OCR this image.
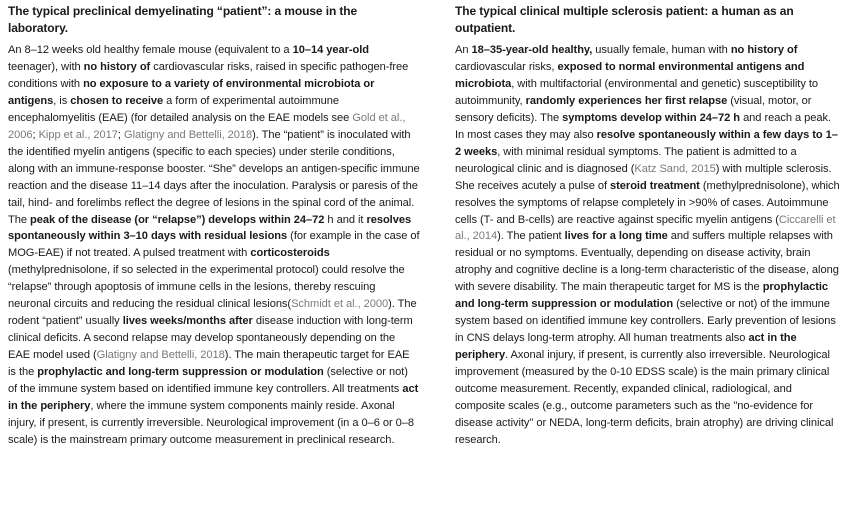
The typical preclinical demyelinating “patient”: a mouse in the laboratory.

An 8–12 weeks old healthy female mouse (equivalent to a 10–14 year-old teenager), with no history of cardiovascular risks, raised in specific pathogen-free conditions with no exposure to a variety of environmental microbiota or antigens, is chosen to receive a form of experimental autoimmune encephalomyelitis (EAE) (for detailed analysis on the EAE models see Gold et al., 2006; Kipp et al., 2017; Glatigny and Bettelli, 2018). The “patient” is inoculated with the identified myelin antigens (specific to each species) under sterile conditions, along with an immune-response booster. “She” develops an antigen-specific immune reaction and the disease 11–14 days after the inoculation. Paralysis or paresis of the tail, hind- and forelimbs reflect the degree of lesions in the spinal cord of the animal. The peak of the disease (or “relapse”) develops within 24–72 h and it resolves spontaneously within 3–10 days with residual lesions (for example in the case of MOG-EAE) if not treated. A pulsed treatment with corticosteroids (methylprednisolone, if so selected in the experimental protocol) could resolve the “relapse” through apoptosis of immune cells in the lesions, thereby rescuing neuronal circuits and reducing the residual clinical lesions(Schmidt et al., 2000). The rodent “patient” usually lives weeks/months after disease induction with long-term clinical deficits. A second relapse may develop spontaneously depending on the EAE model used (Glatigny and Bettelli, 2018). The main therapeutic target for EAE is the prophylactic and long-term suppression or modulation (selective or not) of the immune system based on identified immune key controllers. All treatments act in the periphery, where the immune system components mainly reside. Axonal injury, if present, is currently irreversible. Neurological improvement (in a 0–6 or 0–8 scale) is the mainstream primary outcome measurement in preclinical research.

The typical clinical multiple sclerosis patient: a human as an outpatient.

An 18–35-year-old healthy, usually female, human with no history of cardiovascular risks, exposed to normal environmental antigens and microbiota, with multifactorial (environmental and genetic) susceptibility to autoimmunity, randomly experiences her first relapse (visual, motor, or sensory deficits). The symptoms develop within 24–72 h and reach a peak. In most cases they may also resolve spontaneously within a few days to 1–2 weeks, with minimal residual symptoms. The patient is admitted to a neurological clinic and is diagnosed (Katz Sand, 2015) with multiple sclerosis. She receives acutely a pulse of steroid treatment (methylprednisolone), which resolves the symptoms of relapse completely in >90% of cases. Autoimmune cells (T- and B-cells) are reactive against specific myelin antigens (Ciccarelli et al., 2014). The patient lives for a long time and suffers multiple relapses with residual or no symptoms. Eventually, depending on disease activity, brain atrophy and cognitive decline is a long-term characteristic of the disease, along with severe disability. The main therapeutic target for MS is the prophylactic and long-term suppression or modulation (selective or not) of the immune system based on identified immune key controllers. Early prevention of lesions in CNS delays long-term atrophy. All human treatments also act in the periphery. Axonal injury, if present, is currently also irreversible. Neurological improvement (measured by the 0-10 EDSS scale) is the main primary clinical outcome measurement. Recently, expanded clinical, radiological, and composite scales (e.g., outcome parameters such as the "no-evidence for disease activity" or NEDA, long-term deficits, brain atrophy) are driving clinical research.
